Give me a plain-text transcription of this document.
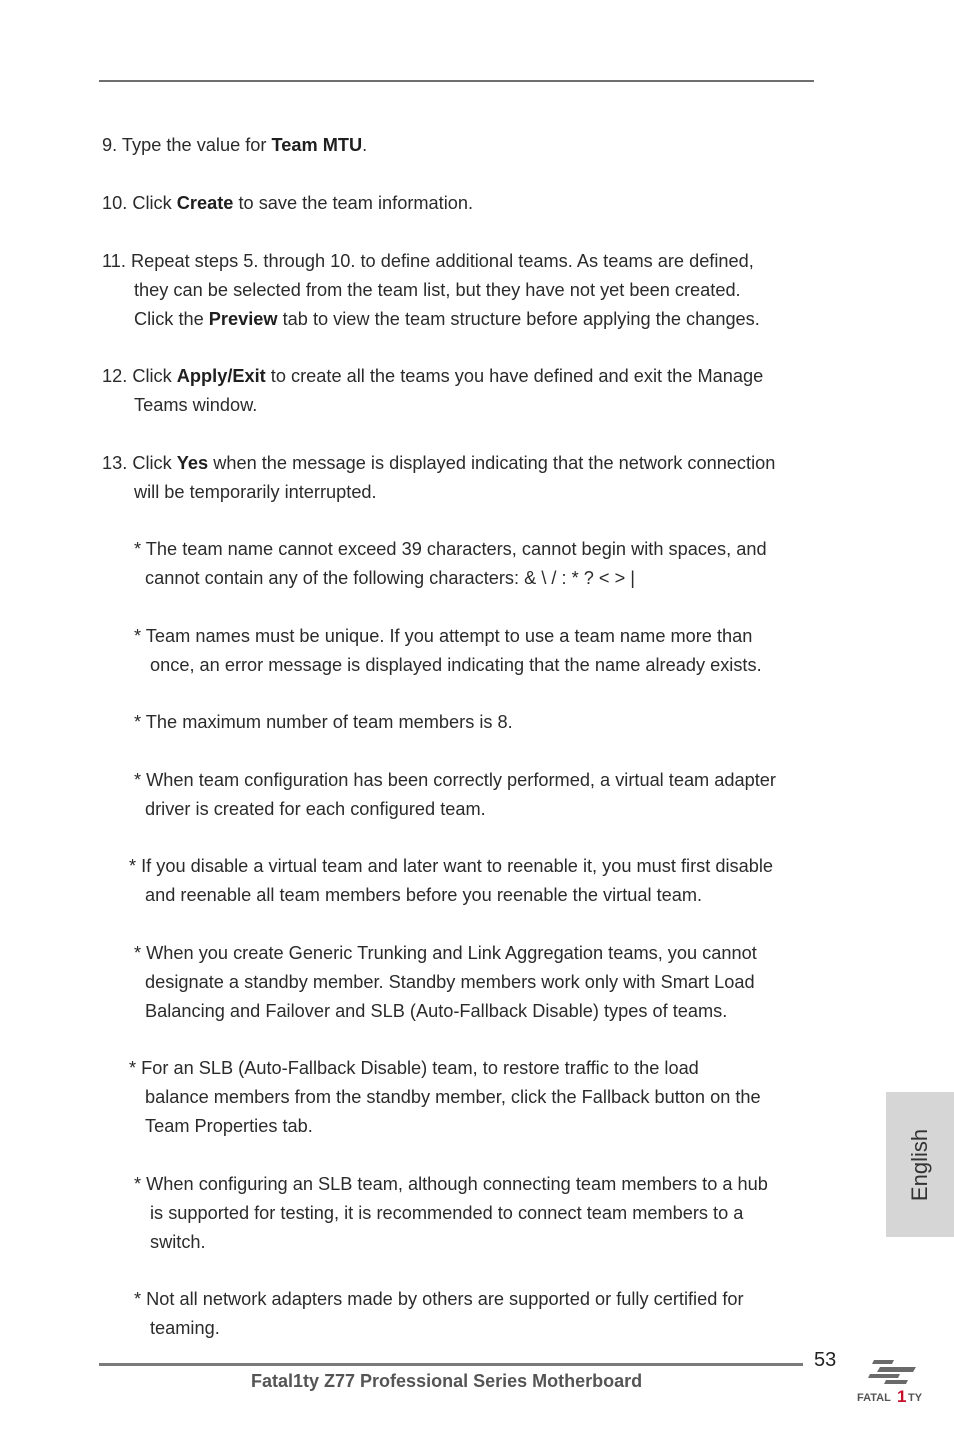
9. Type the value for Team MTU.
10. Click Create to save the team information.
11. Repeat steps 5. through 10. to define additional teams. As teams are defined,
they can be selected from the team list, but they have not yet been created.
Click the Preview tab to view the team structure before applying the changes.
12. Click Apply/Exit to create all the teams you have defined and exit the Manage
Teams window.
13. Click Yes when the message is displayed indicating that the network connection
will be temporarily interrupted.
* The team name cannot exceed 39 characters, cannot begin with spaces, and
cannot contain any of the following characters: & \ / : * ? < > |
* Team names must be unique. If you attempt to use a team name more than
once, an error message is displayed indicating that the name already exists.
* The maximum number of team members is 8.
* When team configuration has been correctly performed, a virtual team adapter
driver is created for each configured team.
* If you disable a virtual team and later want to reenable it, you must first disable
and reenable all team members before you reenable the virtual team.
* When you create Generic Trunking and Link Aggregation teams, you cannot
designate a standby member. Standby members work only with Smart Load
Balancing and Failover and SLB (Auto-Fallback Disable) types of teams.
* For an SLB (Auto-Fallback Disable) team, to restore traffic to the load
balance members from the standby member, click the Fallback button on the
Team Properties tab.
* When configuring an SLB team, although connecting team members to a hub
is supported for testing, it is recommended to connect team members to a
switch.
* Not all network adapters made by others are supported or fully certified for
teaming.
English
53
Fatal1ty Z77 Professional Series Motherboard
FATAL 1 TY
